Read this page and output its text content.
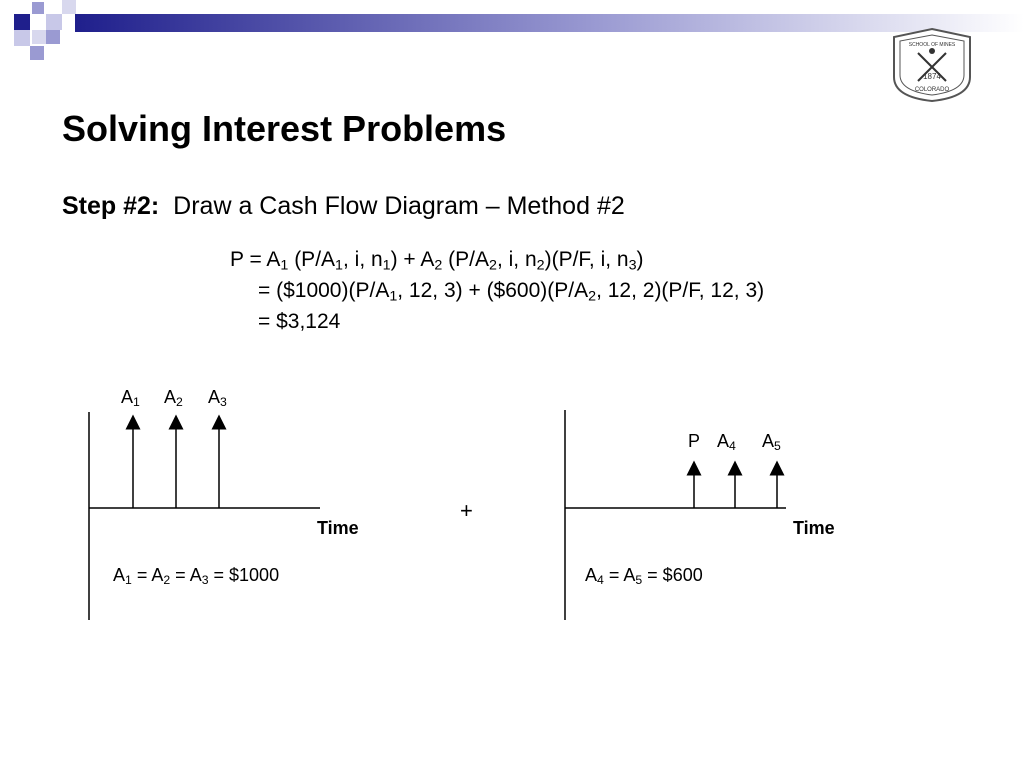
1874
COLORADO
SCHOOL OF MINES
Solving Interest Problems
Step #2: Draw a Cash Flow Diagram – Method #2
$P = A_1$ ($P/A_1$, i, $n_1) + A_2$ ($P/A_2$, i, $n_2)(P/F$, i, $n_3$)
= $(\$1000)(P/A_1$, 12, $3) + (\$600)(P/A_2$, 12, 2)(P/F, 12, 3)
= $3,124
$A_1$ $A_2$ $A_3$
Time
$A_1 = A_2 = A_3$ = $1000
+
P $A_4$ $A_5$
Time
$A_4 = A_5$ = $600
